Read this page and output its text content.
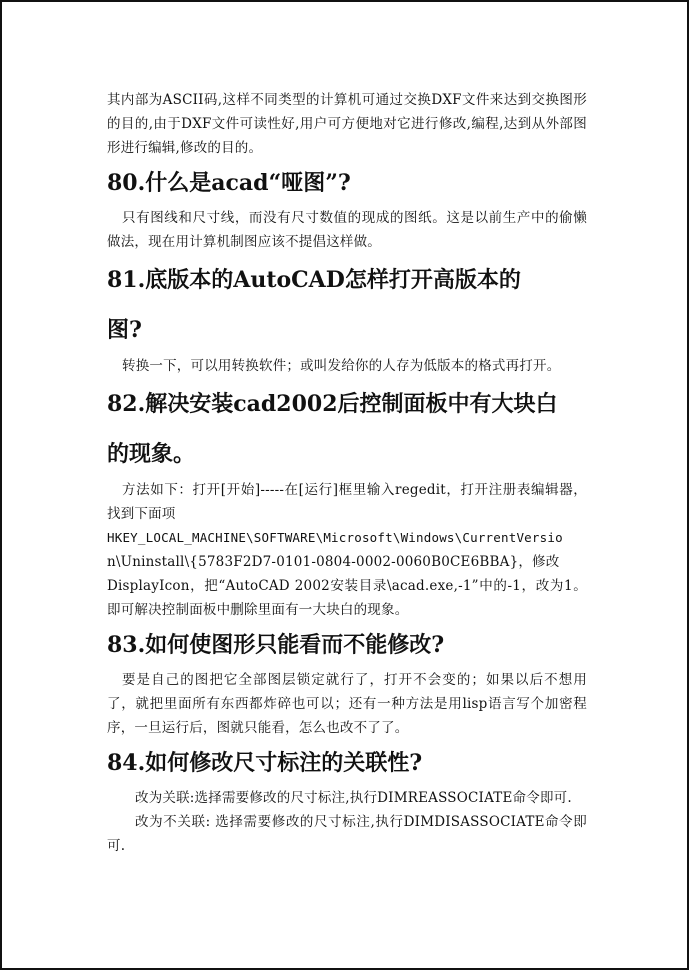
其内部为ASCII码,这样不同类型的计算机可通过交换DXF文件来达到交换图形的目的,由于DXF文件可读性好,用户可方便地对它进行修改,编程,达到从外部图形进行编辑,修改的目的。

80.什么是acad“哑图”?

只有图线和尺寸线，而没有尺寸数值的现成的图纸。这是以前生产中的偷懒做法，现在用计算机制图应该不提倡这样做。

81.底版本的AutoCAD怎样打开高版本的
图?

转换一下，可以用转换软件；或叫发给你的人存为低版本的格式再打开。

82.解决安装cad2002后控制面板中有大块白
的现象。

方法如下：打开[开始]-----在[运行]框里输入regedit，打开注册表编辑器，找到下面项

HKEY_LOCAL_MACHINE\SOFTWARE\Microsoft\Windows\CurrentVersio
n\Uninstall\{5783F2D7-0101-0804-0002-0060B0CE6BBA}，修改

DisplayIcon，把“AutoCAD 2002安装目录\acad.exe,-1”中的-1，改为1。即可解决控制面板中删除里面有一大块白的现象。

83.如何使图形只能看而不能修改?

要是自己的图把它全部图层锁定就行了，打开不会变的；如果以后不想用了，就把里面所有东西都炸碎也可以；还有一种方法是用lisp语言写个加密程序，一旦运行后，图就只能看，怎么也改不了了。

84.如何修改尺寸标注的关联性?

改为关联:选择需要修改的尺寸标注,执行DIMREASSOCIATE命令即可.

改为不关联: 选择需要修改的尺寸标注,执行DIMDISASSOCIATE命令即可.
